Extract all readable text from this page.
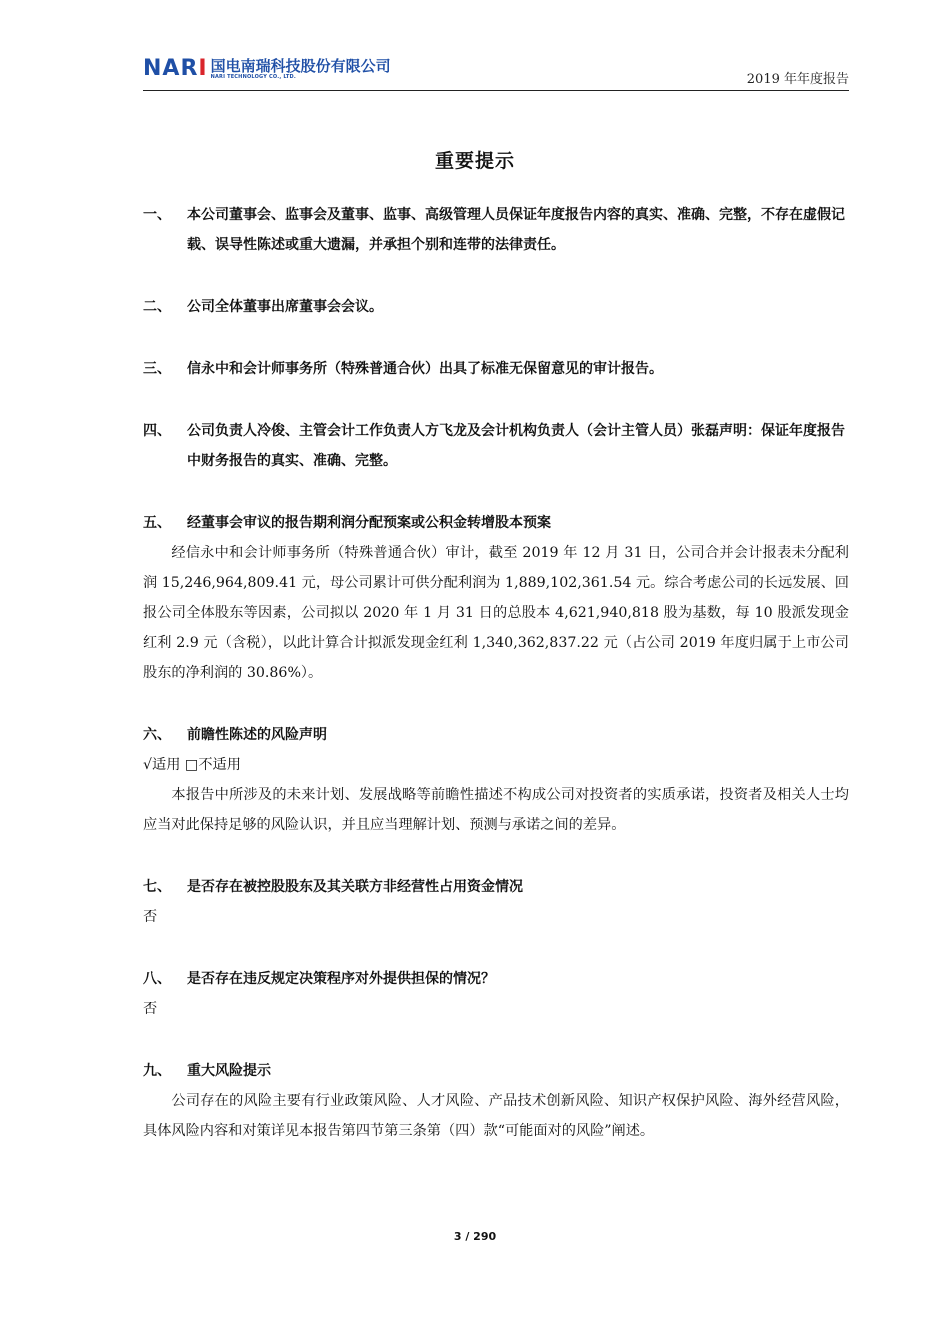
NARI 国电南瑞科技股份有限公司
NARI TECHNOLOGY CO., LTD.	2019 年年度报告
重要提示
一、 本公司董事会、监事会及董事、监事、高级管理人员保证年度报告内容的真实、准确、完整，不存在虚假记载、误导性陈述或重大遗漏，并承担个别和连带的法律责任。
二、 公司全体董事出席董事会会议。
三、 信永中和会计师事务所（特殊普通合伙）出具了标准无保留意见的审计报告。
四、 公司负责人冷俊、主管会计工作负责人方飞龙及会计机构负责人（会计主管人员）张磊声明：保证年度报告中财务报告的真实、准确、完整。
五、 经董事会审议的报告期利润分配预案或公积金转增股本预案
经信永中和会计师事务所（特殊普通合伙）审计，截至 2019 年 12 月 31 日，公司合并会计报表未分配利润 15,246,964,809.41 元，母公司累计可供分配利润为 1,889,102,361.54 元。综合考虑公司的长远发展、回报公司全体股东等因素，公司拟以 2020 年 1 月 31 日的总股本 4,621,940,818 股为基数，每 10 股派发现金红利 2.9 元（含税），以此计算合计拟派发现金红利 1,340,362,837.22 元（占公司 2019 年度归属于上市公司股东的净利润的 30.86%）。
六、 前瞻性陈述的风险声明
√适用 □不适用
本报告中所涉及的未来计划、发展战略等前瞻性描述不构成公司对投资者的实质承诺，投资者及相关人士均应当对此保持足够的风险认识，并且应当理解计划、预测与承诺之间的差异。
七、 是否存在被控股股东及其关联方非经营性占用资金情况
否
八、 是否存在违反规定决策程序对外提供担保的情况？
否
九、 重大风险提示
公司存在的风险主要有行业政策风险、人才风险、产品技术创新风险、知识产权保护风险、海外经营风险，具体风险内容和对策详见本报告第四节第三条第（四）款“可能面对的风险”阐述。
3 / 290
